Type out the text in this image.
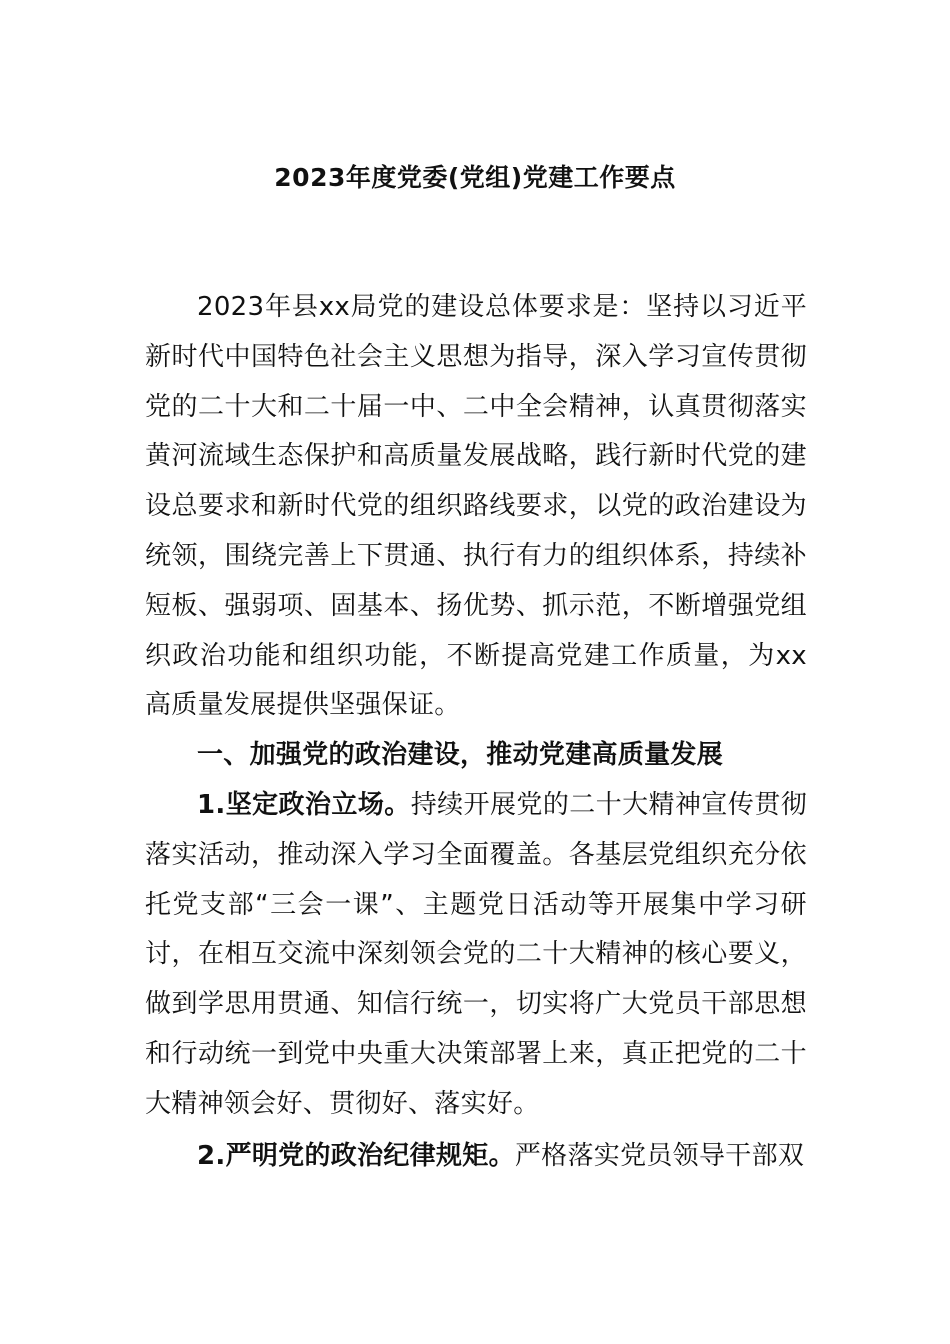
2023年度党委(党组)党建工作要点

2023年县xx局党的建设总体要求是：坚持以习近平新时代中国特色社会主义思想为指导，深入学习宣传贯彻党的二十大和二十届一中、二中全会精神，认真贯彻落实黄河流域生态保护和高质量发展战略，践行新时代党的建设总要求和新时代党的组织路线要求，以党的政治建设为统领，围绕完善上下贯通、执行有力的组织体系，持续补短板、强弱项、固基本、扬优势、抓示范，不断增强党组织政治功能和组织功能，不断提高党建工作质量，为xx高质量发展提供坚强保证。

一、加强党的政治建设，推动党建高质量发展

1.坚定政治立场。持续开展党的二十大精神宣传贯彻落实活动，推动深入学习全面覆盖。各基层党组织充分依托党支部“三会一课”、主题党日活动等开展集中学习研讨，在相互交流中深刻领会党的二十大精神的核心要义，做到学思用贯通、知信行统一，切实将广大党员干部思想和行动统一到党中央重大决策部署上来，真正把党的二十大精神领会好、贯彻好、落实好。

2.严明党的政治纪律规矩。严格落实党员领导干部双
